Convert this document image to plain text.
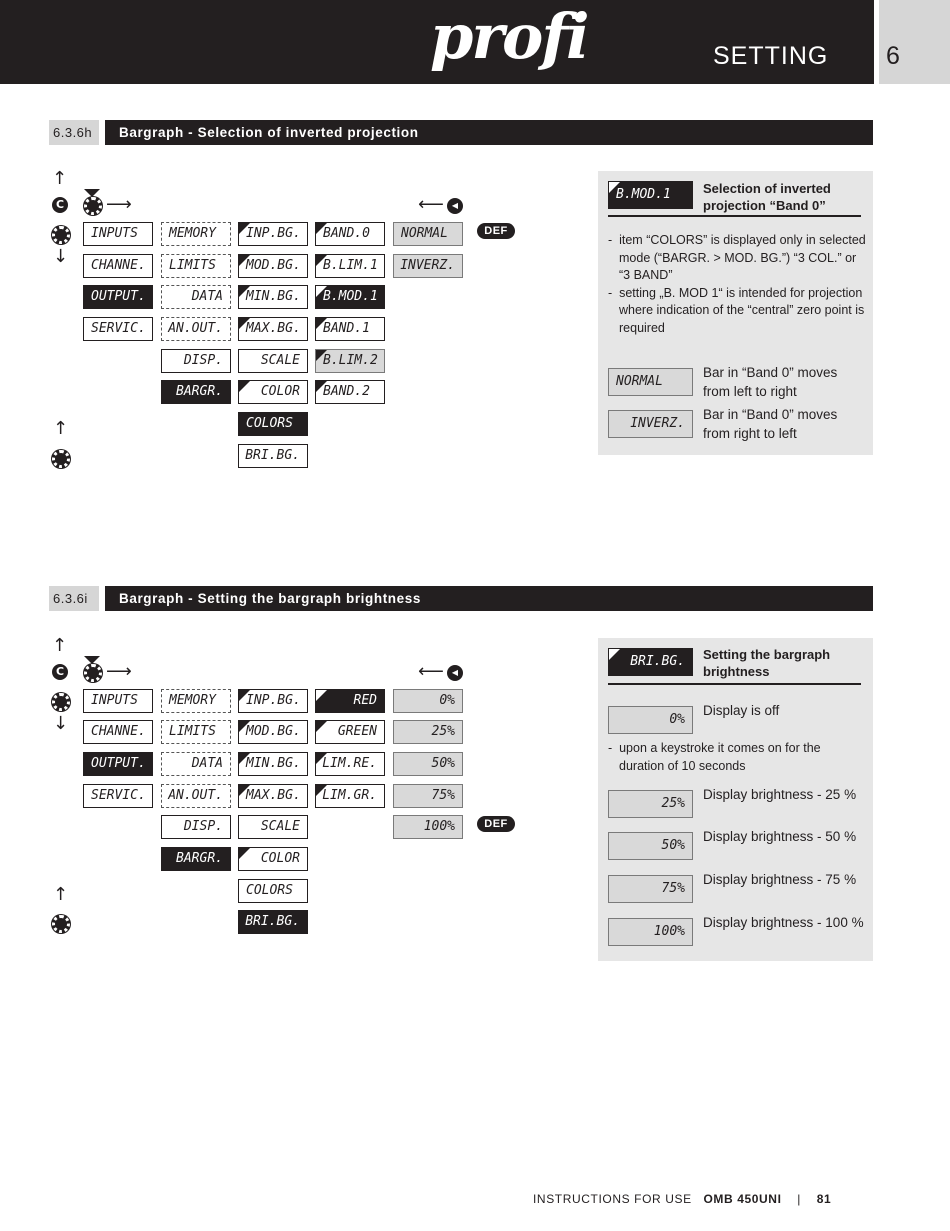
profi	SETTING 6
6.3.6h	Bargraph - Selection of inverted projection
↑
C ⟶	⟵	◀
↓
↑
INPUTS
CHANNE.
OUTPUT.
SERVIC.
MEMORY
LIMITS
DATA
AN.OUT.
DISP.
BARGR.
INP.BG.
MOD.BG.
MIN.BG.
MAX.BG.
SCALE
COLOR
COLORS
BRI.BG.
BAND.0
B.LIM.1
B.MOD.1
BAND.1
B.LIM.2
BAND.2
NORMAL
INVERZ.
DEF
B.MOD.1 Selection of inverted projection “Band 0”
-  item “COLORS” is displayed only in selected mode (“BARGR. > MOD. BG.”) “3 COL.” or “3 BAND”
-  setting „B. MOD 1“ is intended for projection where indication of the “central” zero point is required
NORMAL
Bar in “Band 0” moves from left to right
INVERZ.
Bar in “Band 0” moves from right to left
6.3.6i	Bargraph - Setting the bargraph brightness
↑
C ⟶	⟵	◀
↓
↑
INPUTS
CHANNE.
OUTPUT.
SERVIC.
MEMORY
LIMITS
DATA
AN.OUT.
DISP.
BARGR.
INP.BG.
MOD.BG.
MIN.BG.
MAX.BG.
SCALE
COLOR
COLORS
BRI.BG.
RED
GREEN
LIM.RE.
LIM.GR.
0%
25%
50%
75%
100%	DEF
BRI.BG. Setting the bargraph brightness
0%
Display is off
-  upon a keystroke it comes on for the duration of 10 seconds
25%
Display brightness - 25 %
50%
Display brightness - 50 %
75%
Display brightness - 75 %
100%
Display brightness - 100 %
INSTRUCTIONS FOR USE OMB 450UNI | 81
